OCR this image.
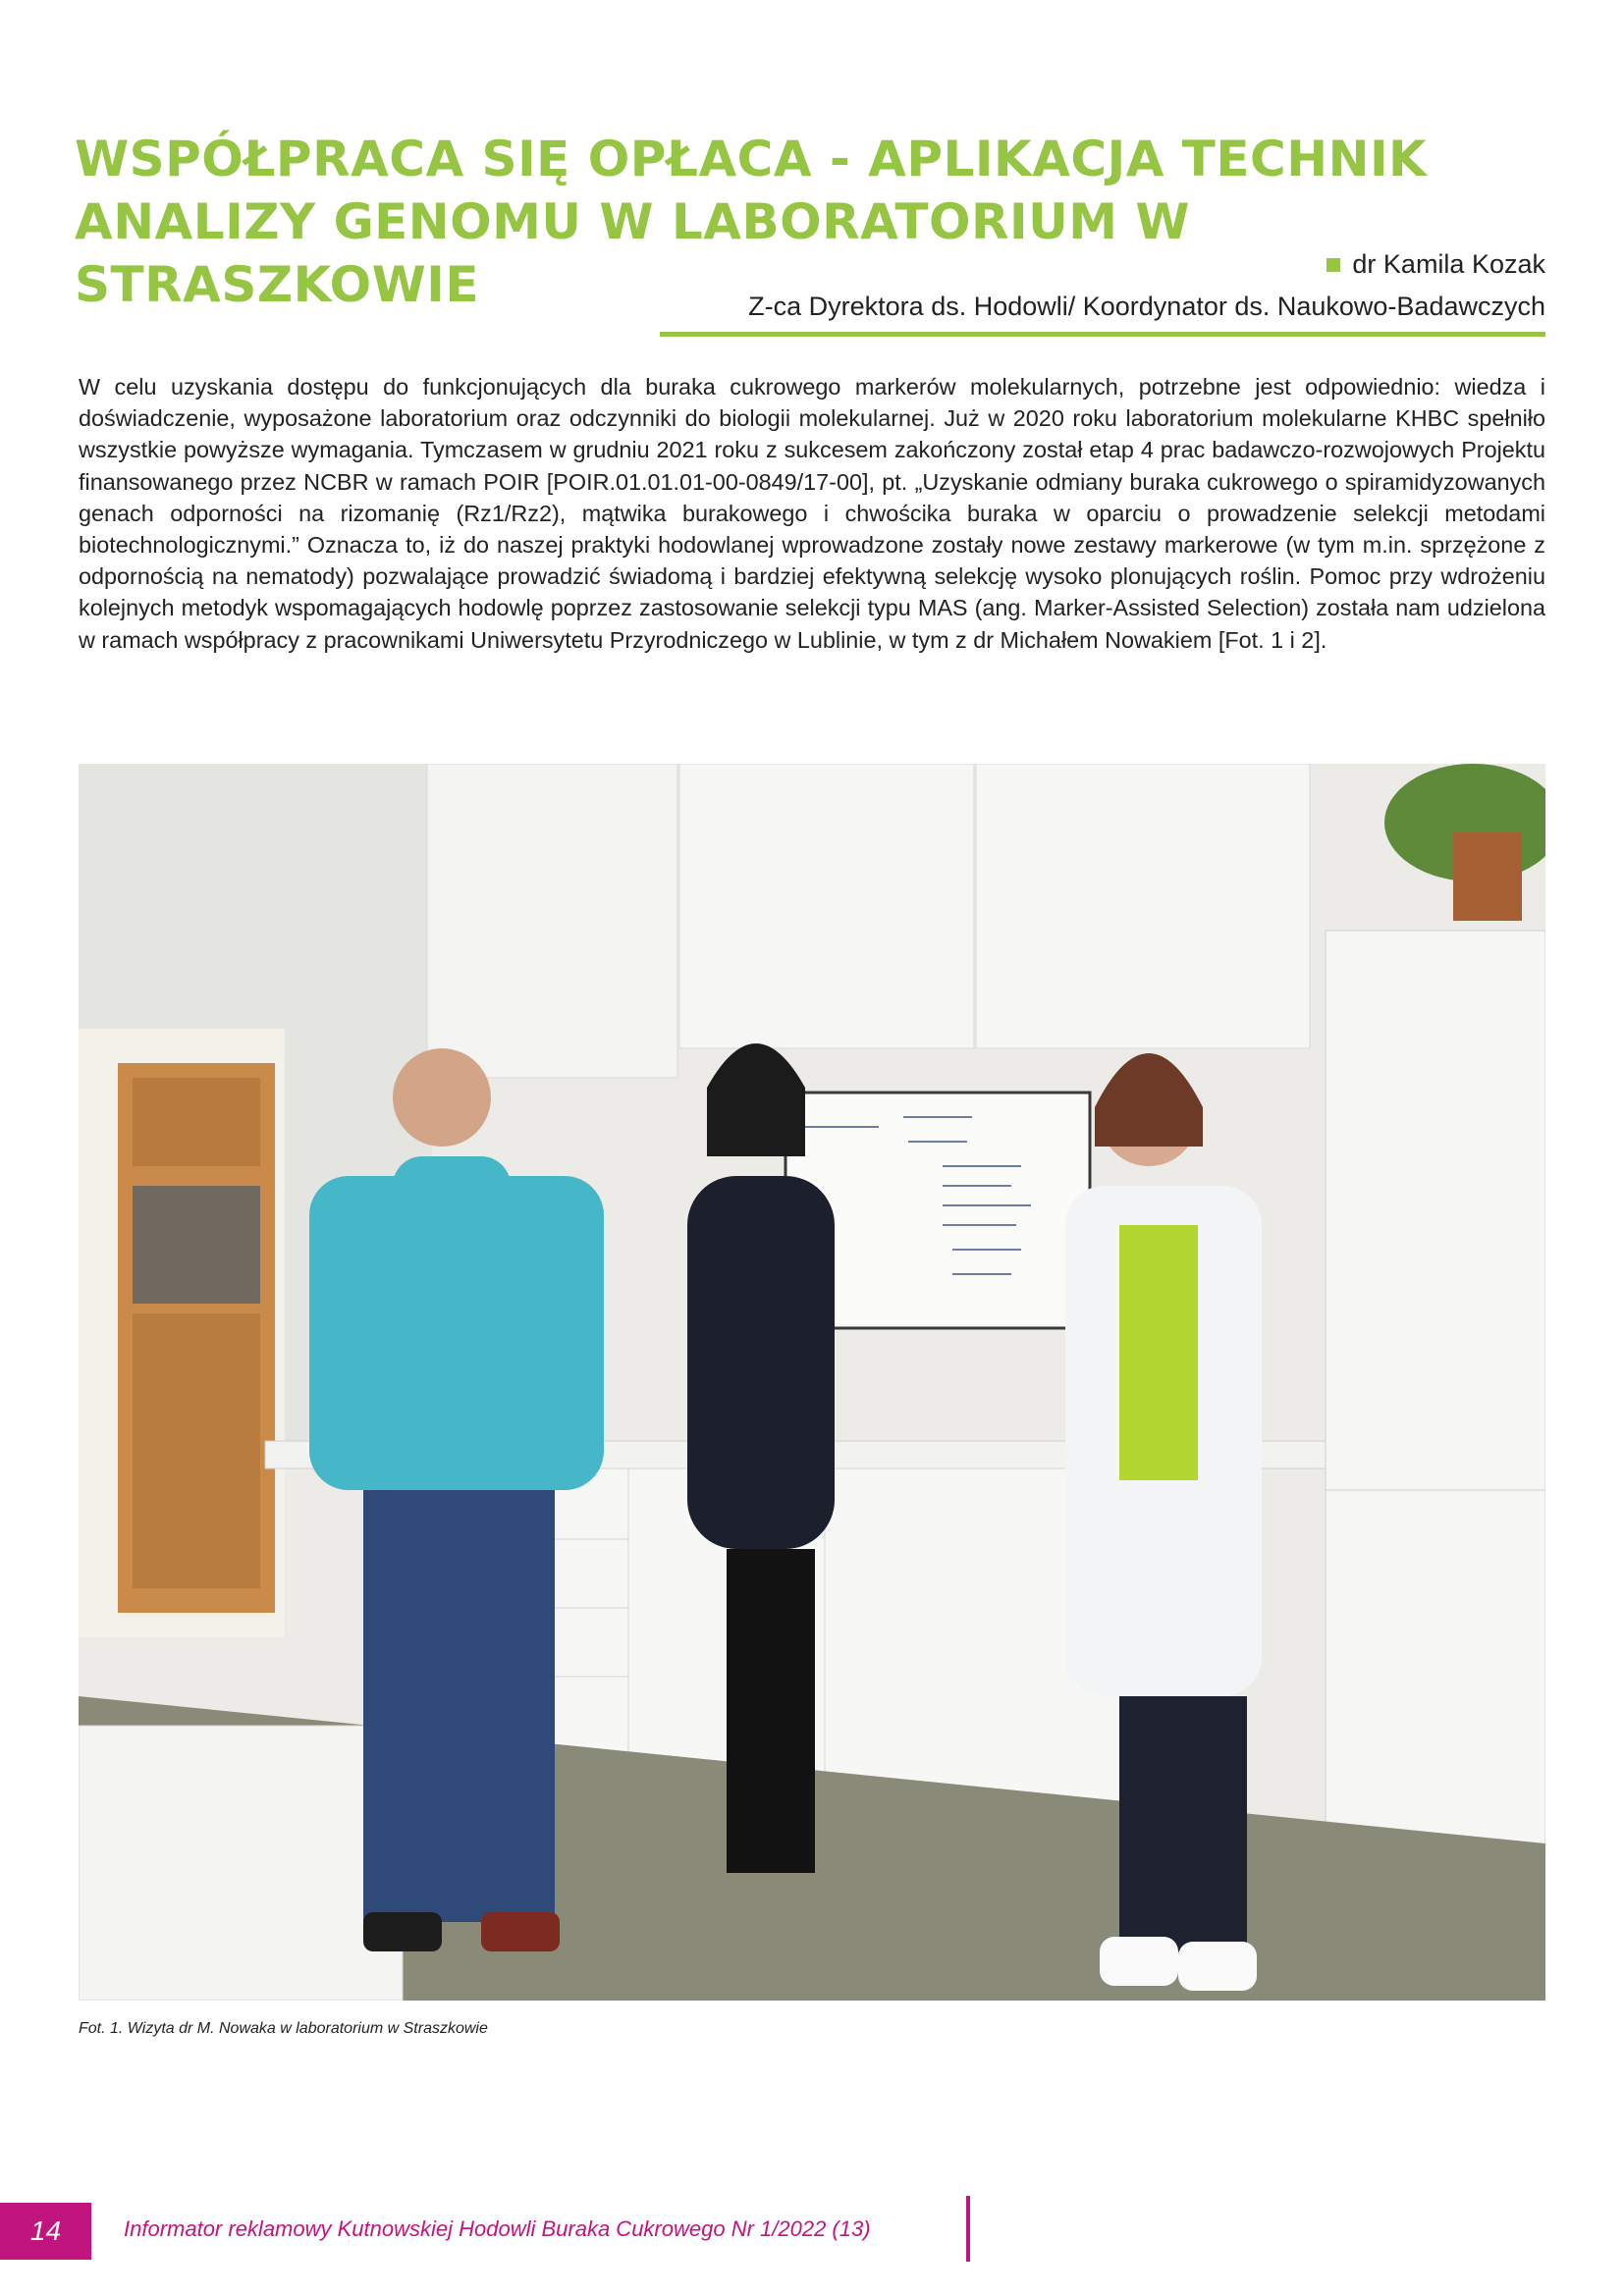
WSPÓŁPRACA SIĘ OPŁACA - APLIKACJA TECHNIK ANALIZY GENOMU W LABORATORIUM W STRASZKOWIE	dr Kamila Kozak
Z-ca Dyrektora ds. Hodowli/ Koordynator ds. Naukowo-Badawczych

W celu uzyskania dostępu do funkcjonujących dla buraka cukrowego markerów molekularnych, potrzebne jest odpowiednio: wiedza i doświadczenie, wyposażone laboratorium oraz odczynniki do biologii molekularnej. Już w 2020 roku laboratorium molekularne KHBC spełniło wszystkie powyższe wymagania. Tymczasem w grudniu 2021 roku z sukcesem zakończony został etap 4 prac badawczo-rozwojowych Projektu finansowanego przez NCBR w ramach POIR [POIR.01.01.01-00-0849/17-00], pt. „Uzyskanie odmiany buraka cukrowego o spiramidyzowanych genach odporności na rizomanię (Rz1/Rz2), mątwika burakowego i chwościka buraka w oparciu o prowadzenie selekcji metodami biotechnologicznymi.” Oznacza to, iż do naszej praktyki hodowlanej wprowadzone zostały nowe zestawy markerowe (w tym m.in. sprzężone z odpornością na nematody) pozwalające prowadzić świadomą i bardziej efektywną selekcję wysoko plonujących roślin. Pomoc przy wdrożeniu kolejnych metodyk wspomagających hodowlę poprzez zastosowanie selekcji typu MAS (ang. Marker-Assisted Selection) została nam udzielona w ramach współpracy z pracownikami Uniwersytetu Przyrodniczego w Lublinie, w tym z dr Michałem Nowakiem [Fot. 1 i 2].

Fot. 1. Wizyta dr M. Nowaka w laboratorium w Straszkowie
14	Informator reklamowy Kutnowskiej Hodowli Buraka Cukrowego Nr 1/2022 (13)
